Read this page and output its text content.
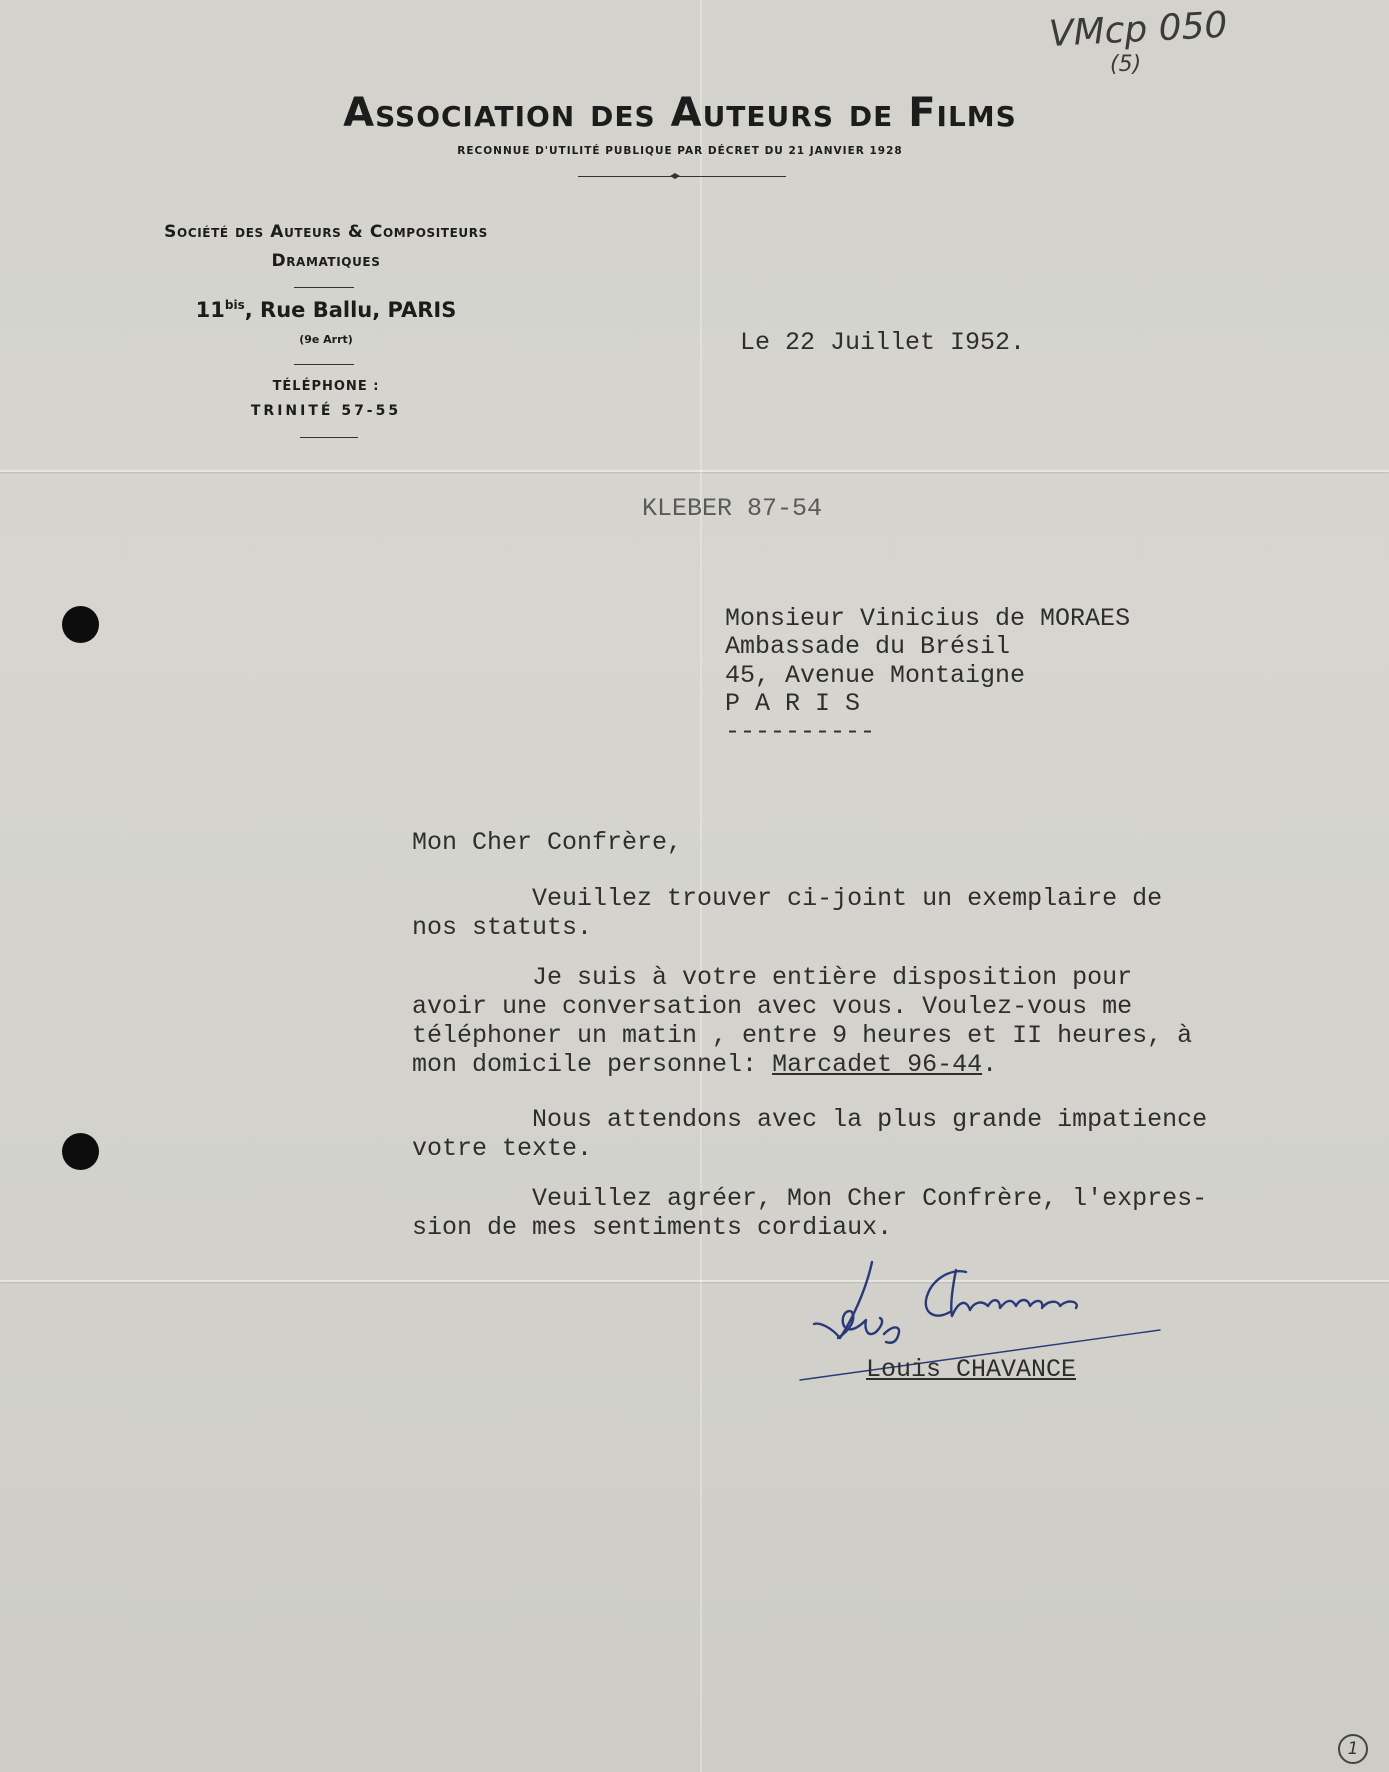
VMcp 050
(5)
Association des Auteurs de Films
RECONNUE D'UTILITÉ PUBLIQUE PAR DÉCRET DU 21 JANVIER 1928
Société des Auteurs & Compositeurs
Dramatiques
$11^{bis}$, Rue Ballu, PARIS
(9e Arrt)
TÉLÉPHONE :
TRINITÉ 57-55
Le 22 Juillet I952.
KLEBER 87-54
Monsieur Vinicius de MORAES
Ambassade du Brésil
45, Avenue Montaigne
P A R I S
----------
Mon Cher Confrère,
Veuillez trouver ci-joint un exemplaire de
nos statuts.
Je suis à votre entière disposition pour
avoir une conversation avec vous. Voulez-vous me
téléphoner un matin , entre 9 heures et II heures, à
mon domicile personnel: Marcadet 96-44.
Nous attendons avec la plus grande impatience
votre texte.
Veuillez agréer, Mon Cher Confrère, l'expres-
sion de mes sentiments cordiaux.
Louis CHAVANCE
1
